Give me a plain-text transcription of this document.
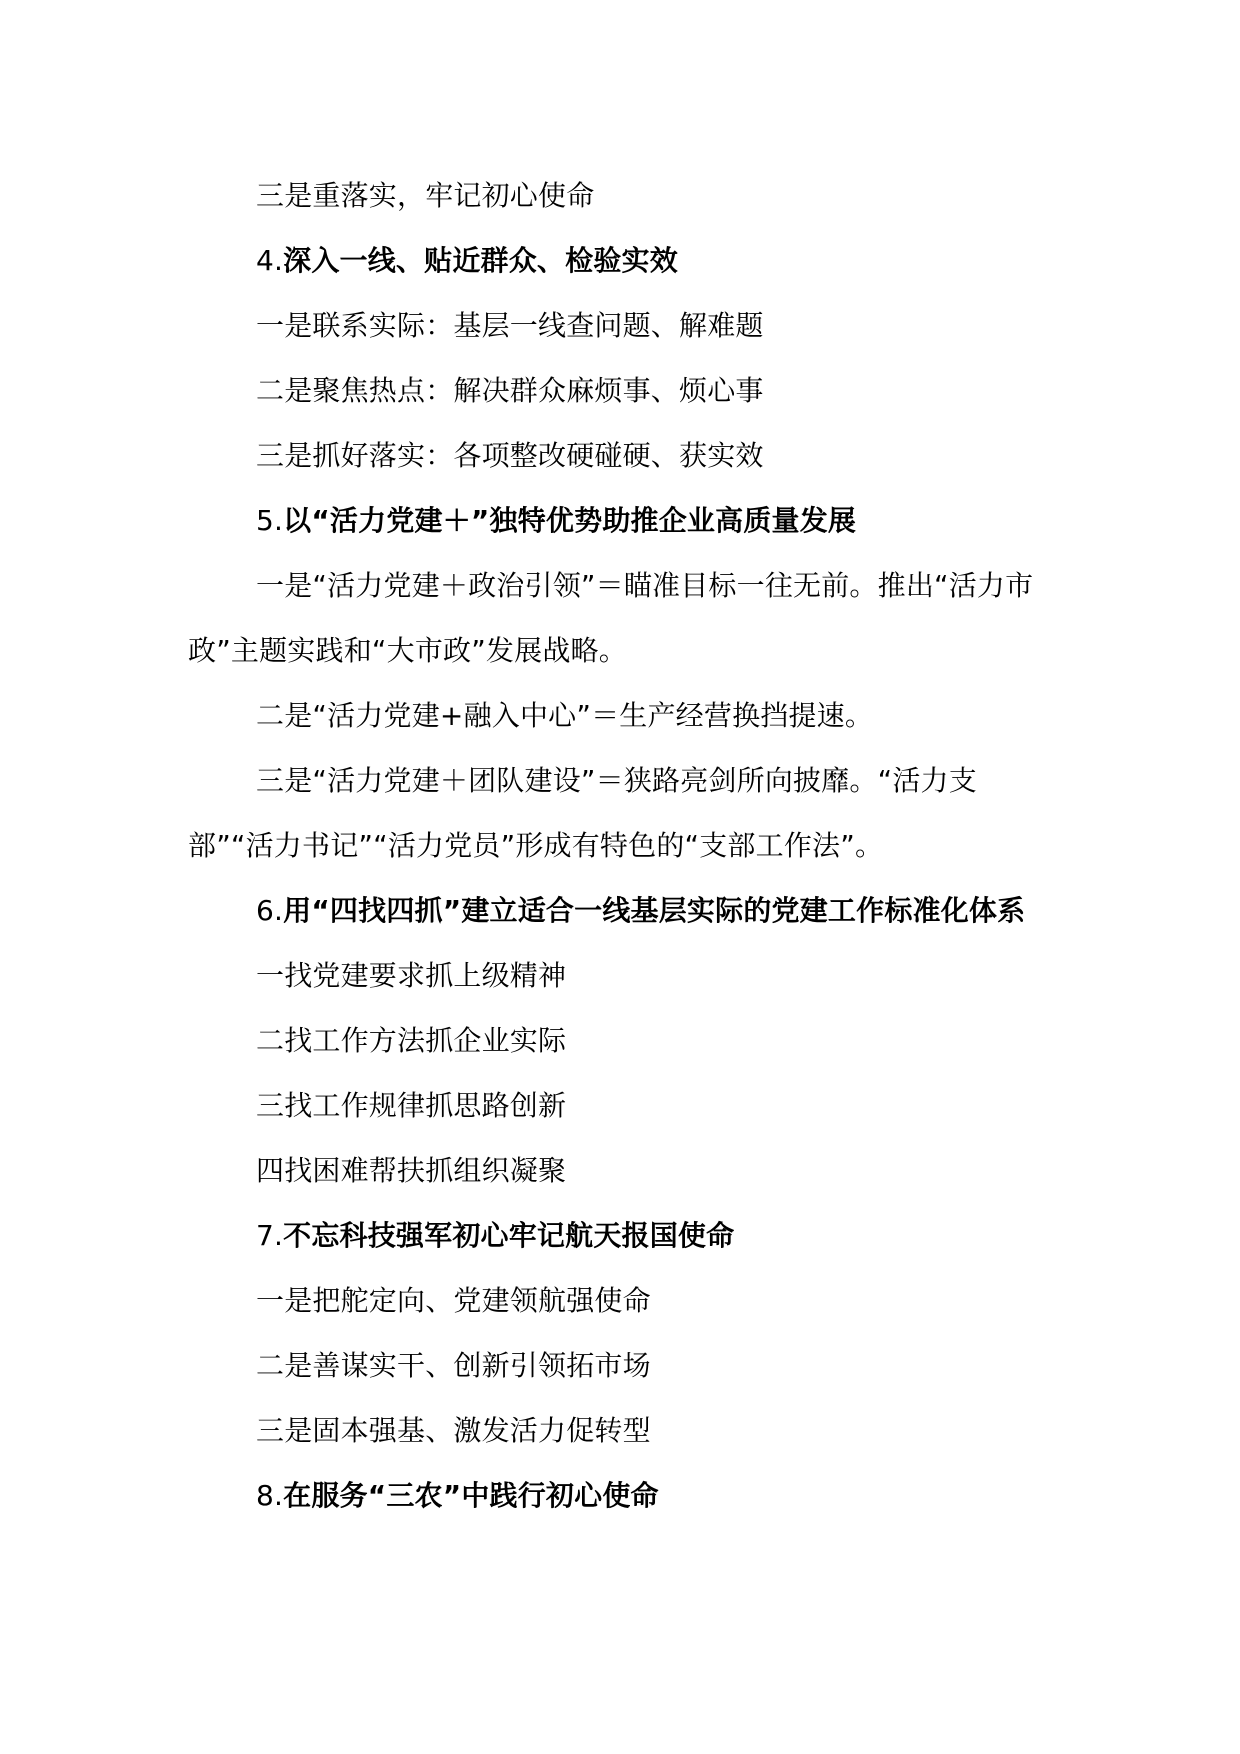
三是重落实，牢记初心使命

4.深入一线、贴近群众、检验实效

一是联系实际：基层一线查问题、解难题

二是聚焦热点：解决群众麻烦事、烦心事

三是抓好落实：各项整改硬碰硬、获实效

5.以“活力党建＋”独特优势助推企业高质量发展

一是“活力党建＋政治引领”＝瞄准目标一往无前。推出“活力市政”主题实践和“大市政”发展战略。

二是“活力党建+融入中心”＝生产经营换挡提速。

三是“活力党建＋团队建设”＝狭路亮剑所向披靡。“活力支部”“活力书记”“活力党员”形成有特色的“支部工作法”。

6.用“四找四抓”建立适合一线基层实际的党建工作标准化体系

一找党建要求抓上级精神

二找工作方法抓企业实际

三找工作规律抓思路创新

四找困难帮扶抓组织凝聚

7.不忘科技强军初心牢记航天报国使命

一是把舵定向、党建领航强使命

二是善谋实干、创新引领拓市场

三是固本强基、激发活力促转型

8.在服务“三农”中践行初心使命
